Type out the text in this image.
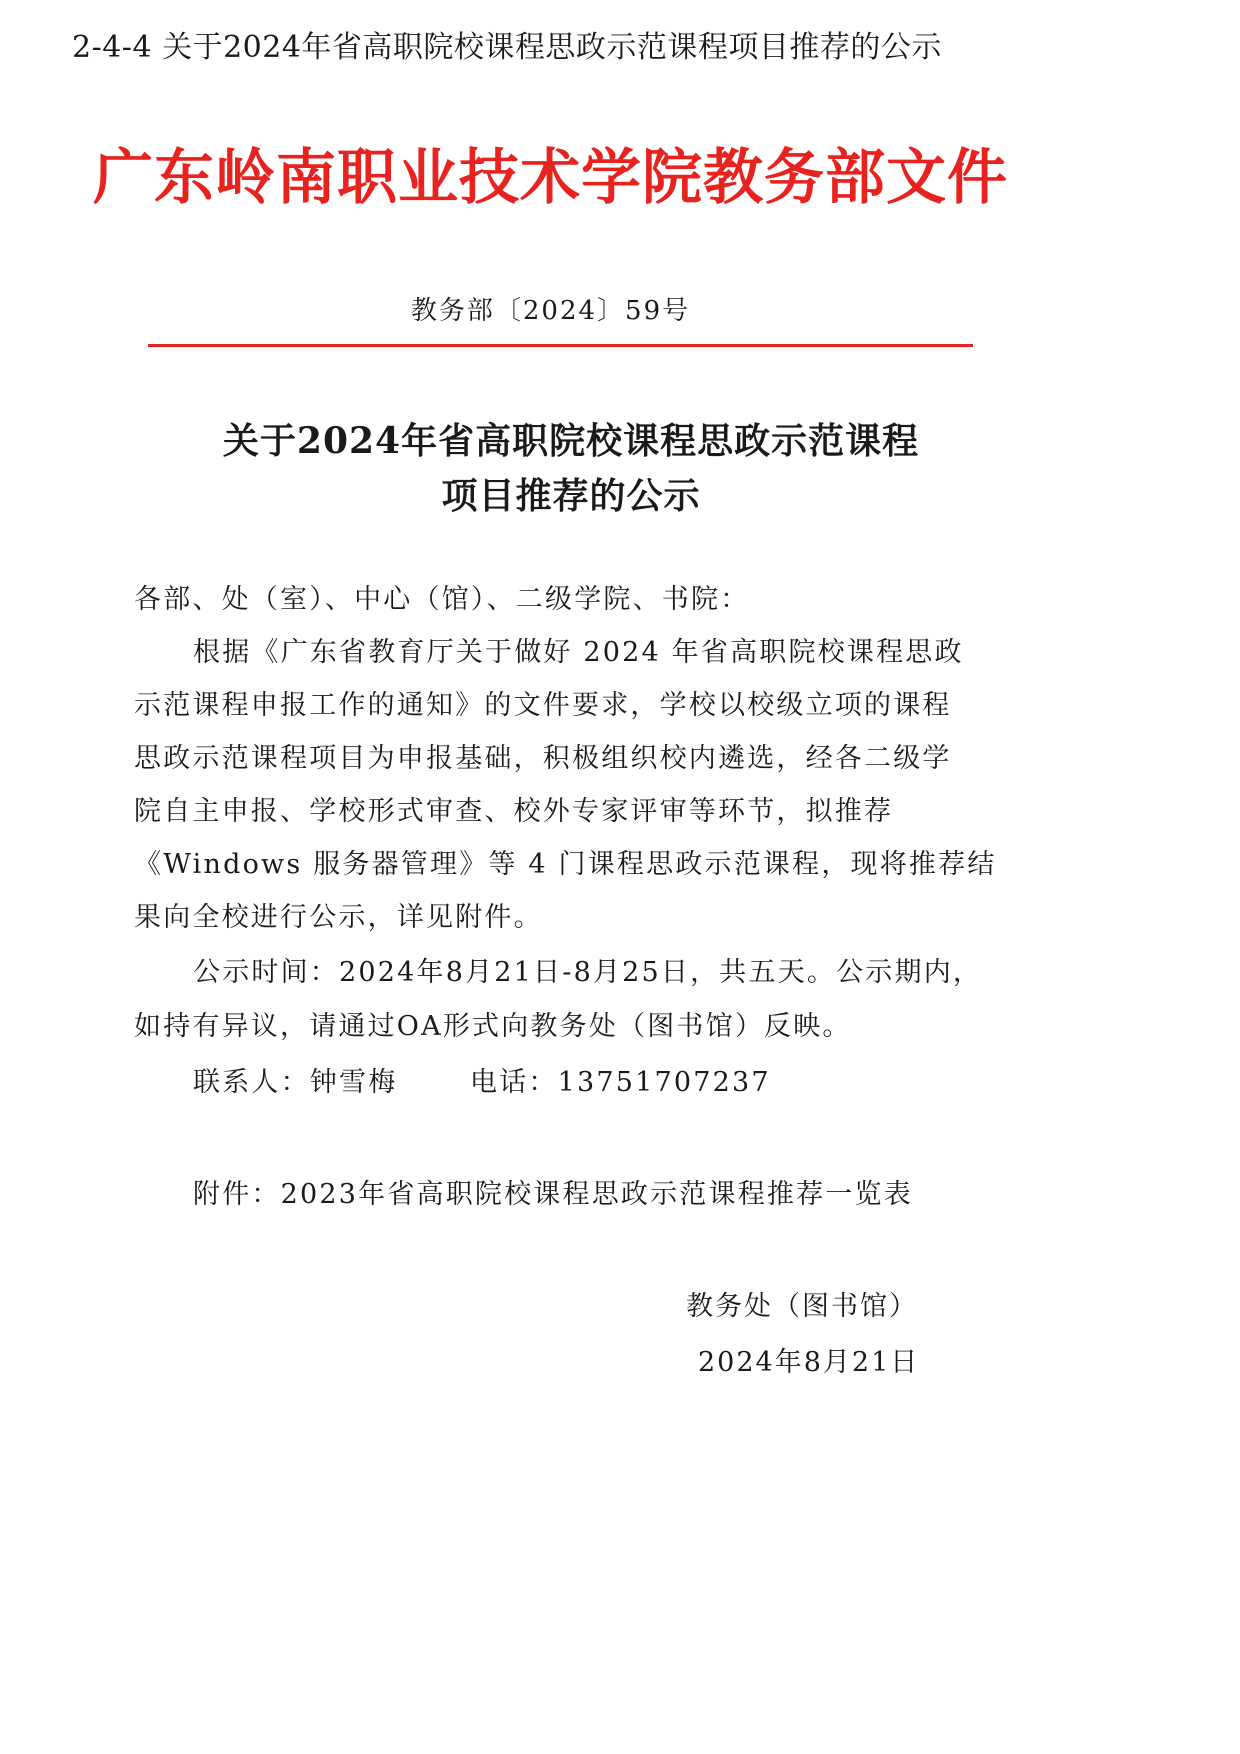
2-4-4 关于2024年省高职院校课程思政示范课程项目推荐的公示
广东岭南职业技术学院教务部文件
教务部〔2024〕59号
关于2024年省高职院校课程思政示范课程
项目推荐的公示
各部、处（室）、中心（馆）、二级学院、书院：
根据《广东省教育厅关于做好 2024 年省高职院校课程思政
示范课程申报工作的通知》的文件要求，学校以校级立项的课程
思政示范课程项目为申报基础，积极组织校内遴选，经各二级学
院自主申报、学校形式审查、校外专家评审等环节，拟推荐
《Windows 服务器管理》等 4 门课程思政示范课程，现将推荐结
果向全校进行公示，详见附件。
公示时间：2024年8月21日-8月25日，共五天。公示期内，
如持有异议，请通过OA形式向教务处（图书馆）反映。
联系人：钟雪梅	电话：13751707237
附件：2023年省高职院校课程思政示范课程推荐一览表
教务处（图书馆）
2024年8月21日
